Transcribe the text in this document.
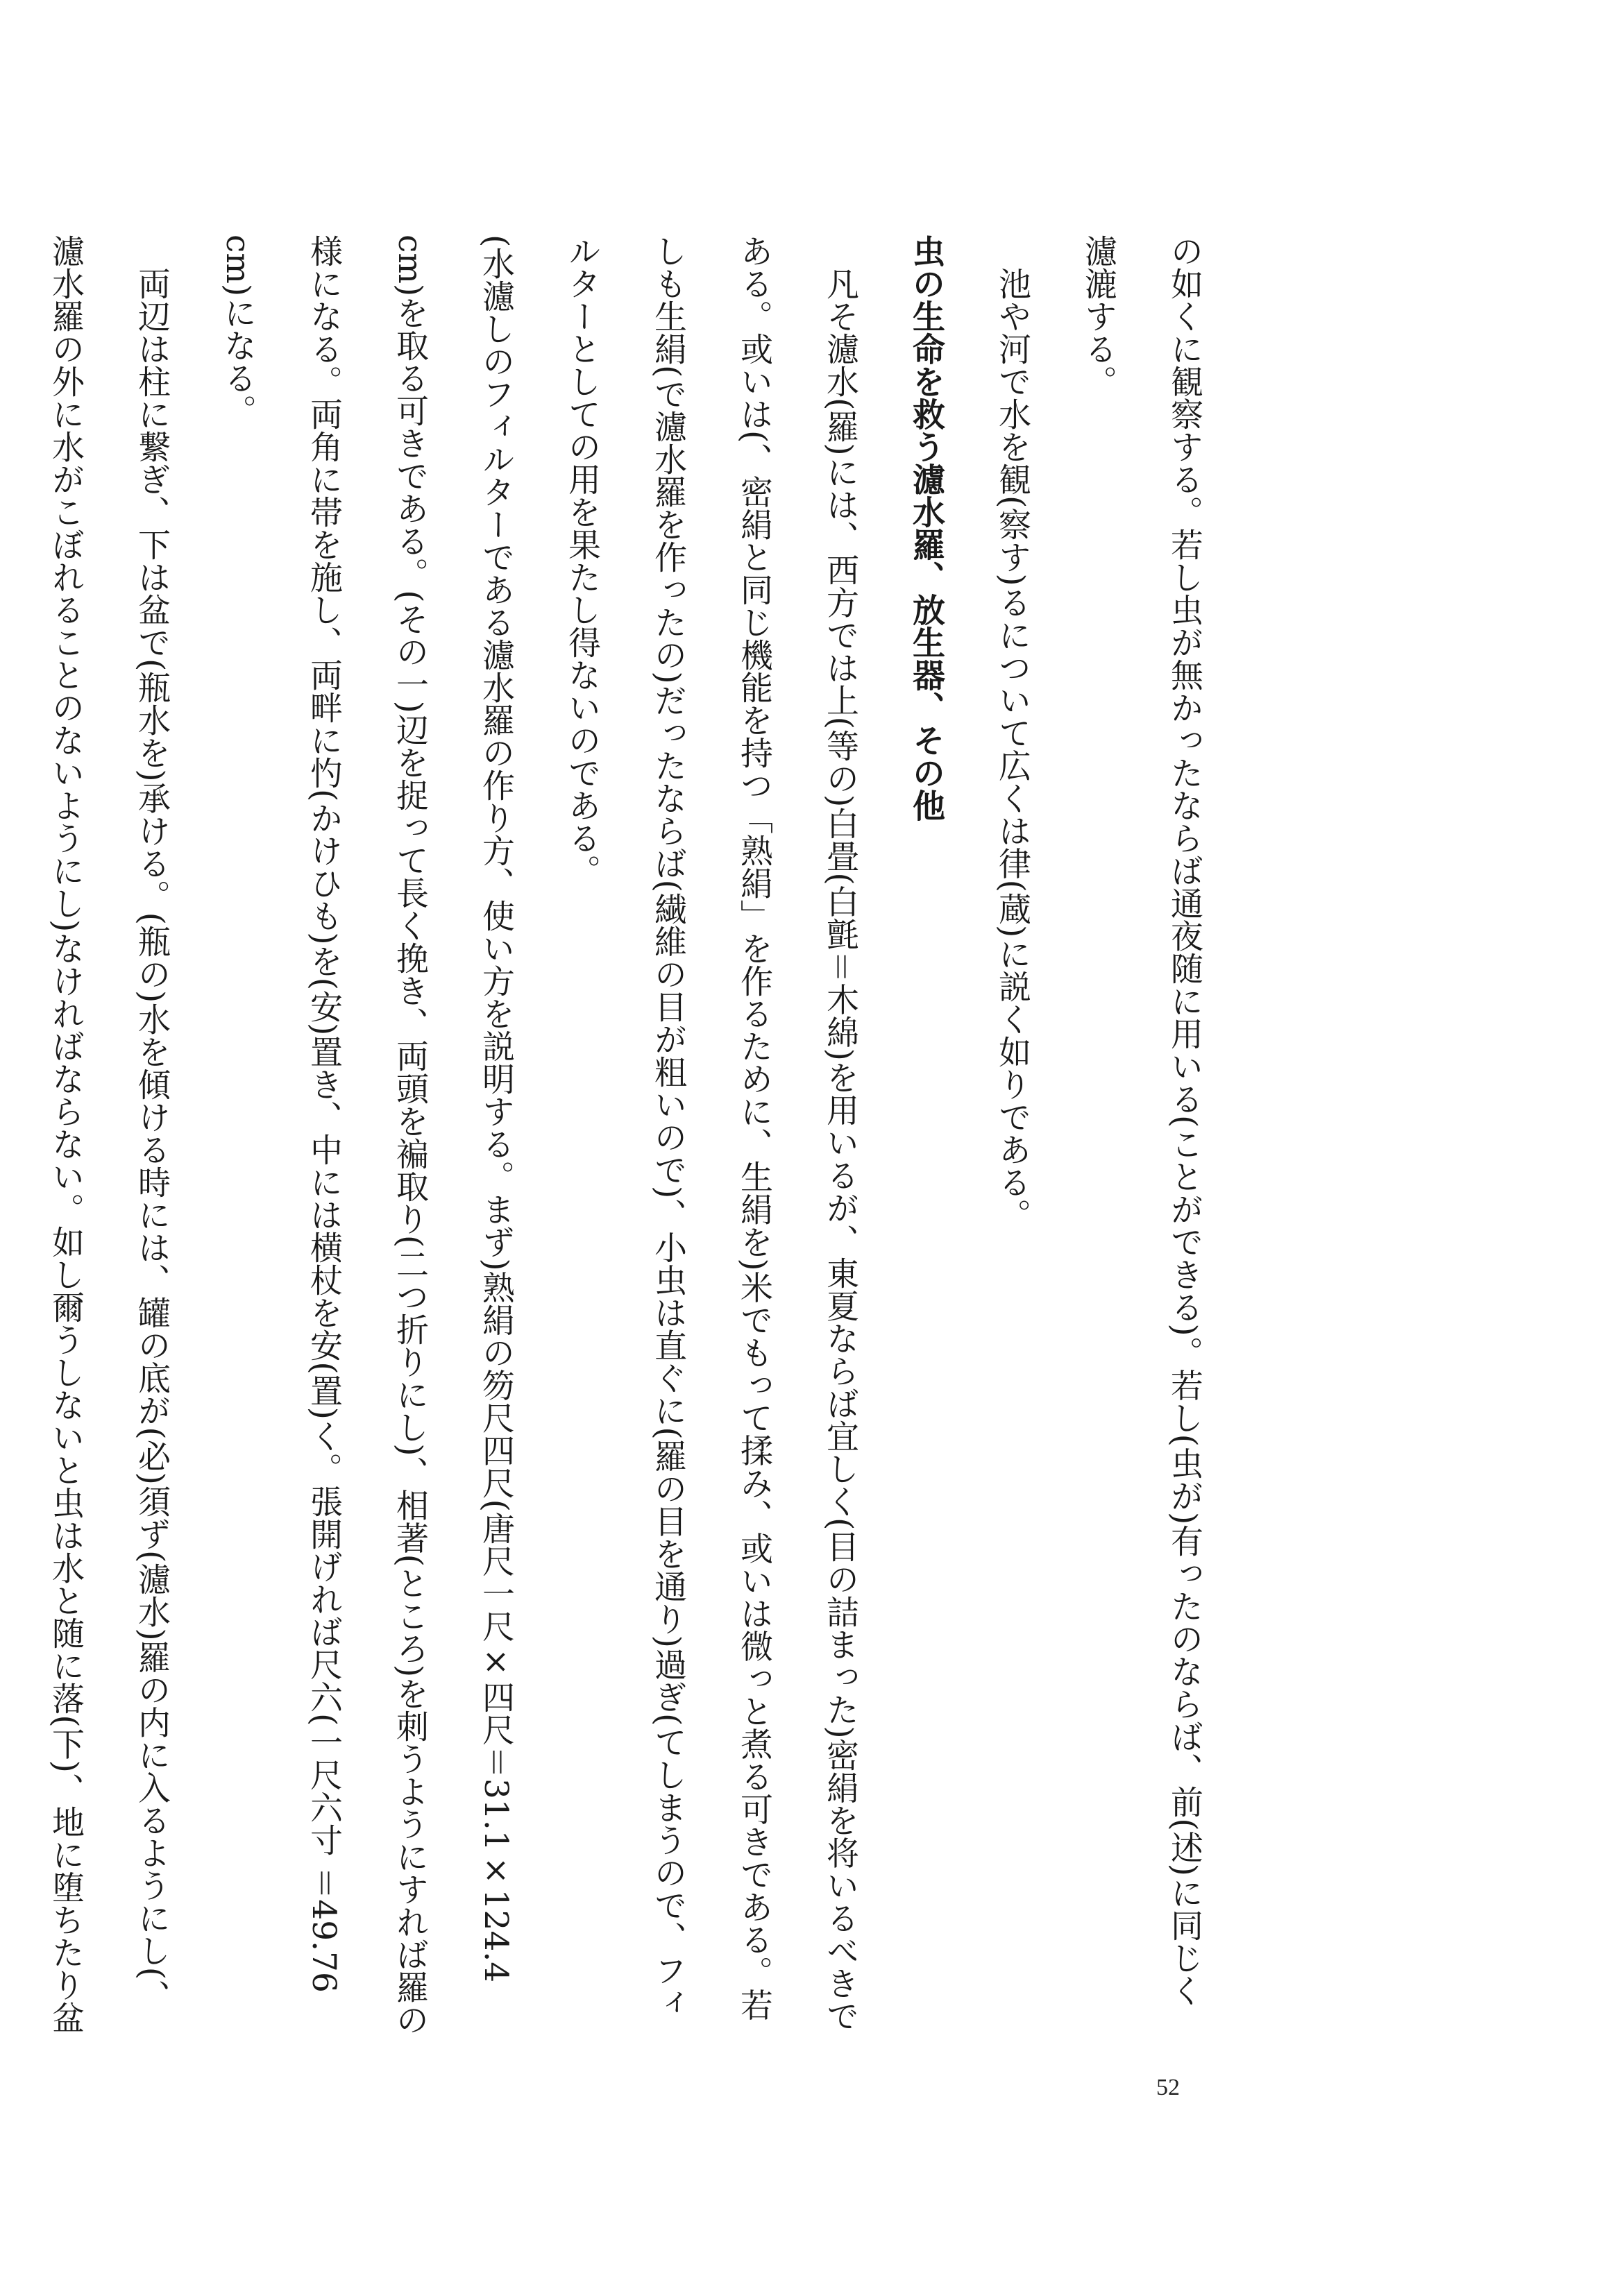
の如くに観察する。若し虫が無かったならば通夜随に用いる(ことができる)。若し(虫が)有ったのならば、前(述)に同じく濾漉する。

池や河で水を観(察す)るについて広くは律(蔵)に説く如りである。

虫の生命を救う濾水羅、放生器、その他

凡そ濾水(羅)には、西方では上(等の)白畳(白氈＝木綿)を用いるが、東夏ならば宜しく(目の詰まった)密絹を将いるべきである。或いは(、密絹と同じ機能を持つ「熟絹」を作るために、生絹を)米でもって揉み、或いは微っと煮る可きである。若しも生絹(で濾水羅を作ったの)だったならば(繊維の目が粗いので)、小虫は直ぐに(羅の目を通り)過ぎ(てしまうので、フィルターとしての用を果たし得ないのである。

(水濾しのフィルターである濾水羅の作り方、使い方を説明する。まず)熟絹の笏尺四尺(唐尺一尺×四尺＝31.1×124.4 cm)を取る可きである。(その一)辺を捉って長く挽き、両頭を褊取り(二つ折りにし)、相著(ところ)を刺うようにすれば羅の様になる。両角に帯を施し、両畔に㣿(かけひも)を(安)置き、中には横杖を安(置)く。張開げれば尺六(一尺六寸 ＝49.76 cm)になる。

両辺は柱に繋ぎ、下は盆で(瓶水を)承ける。(瓶の)水を傾ける時には、罐の底が(必)須ず(濾水)羅の内に入るようにし(、濾水羅の外に水がこぼれることのないようにし)なければならない。如し爾うしないと虫は水と随に落(下)、地に堕ちたり盆

52
